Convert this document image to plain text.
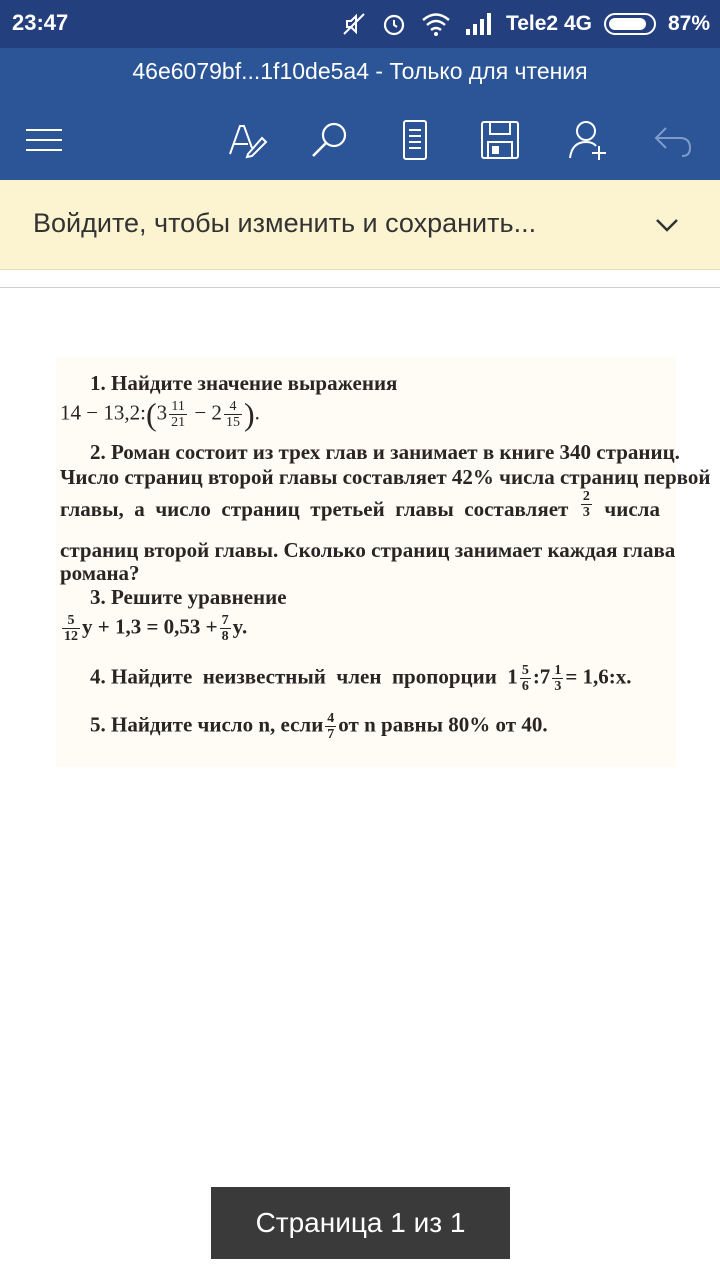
23:47	Tele2 4G	87%
46e6079bf...1f10de5a4 - Только для чтения
Войдите, чтобы изменить и сохранить...
1. Найдите значение выражения
14 − 13,2:(3 $\frac{11}{21} - 2 \frac{4}{15}$ ).
2. Роман состоит из трех глав и занимает в книге 340 страниц.
Число страниц второй главы составляет 42% числа страниц первой
главы, а число страниц третьей главы составляет $\frac{2}{3}$ числа
страниц второй главы. Сколько страниц занимает каждая глава
романа?
3. Решите уравнение
$\frac{5}{12}$ $y + 1,3 = 0,53 + \frac{7}{8} y$.
4. Найдите  неизвестный  член  пропорции  $1 \frac{5}{6}$ :7 $\frac{1}{3}$ = 1,6:x.
5. Найдите число n, если $\frac{4}{7}$ от n равны 80% от 40.
Страница 1 из 1
